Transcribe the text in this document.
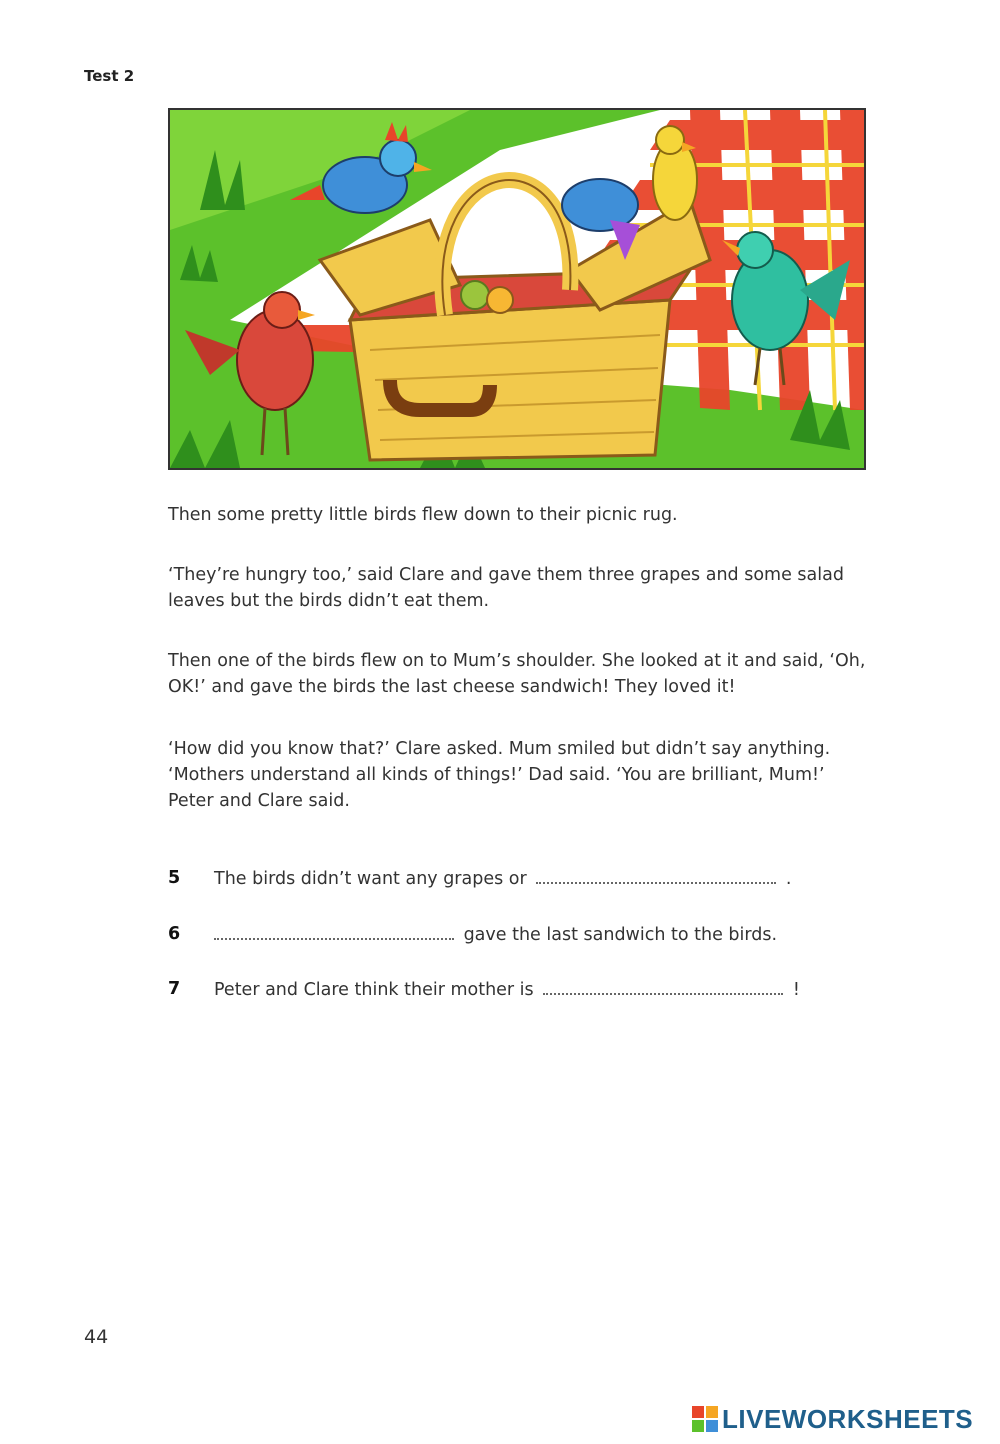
Test 2
Then some pretty little birds flew down to their picnic rug.
‘They’re hungry too,’ said Clare and gave them three grapes and some salad leaves but the birds didn’t eat them.
Then one of the birds flew on to Mum’s shoulder. She looked at it and said, ‘Oh, OK!’ and gave the birds the last cheese sandwich! They loved it!
‘How did you know that?’ Clare asked. Mum smiled but didn’t say anything. ‘Mothers understand all kinds of things!’ Dad said. ‘You are brilliant, Mum!’ Peter and Clare said.
5 The birds didn’t want any grapes or	.
6	gave the last sandwich to the birds.
7 Peter and Clare think their mother is	!
44
LIVEWORKSHEETS
